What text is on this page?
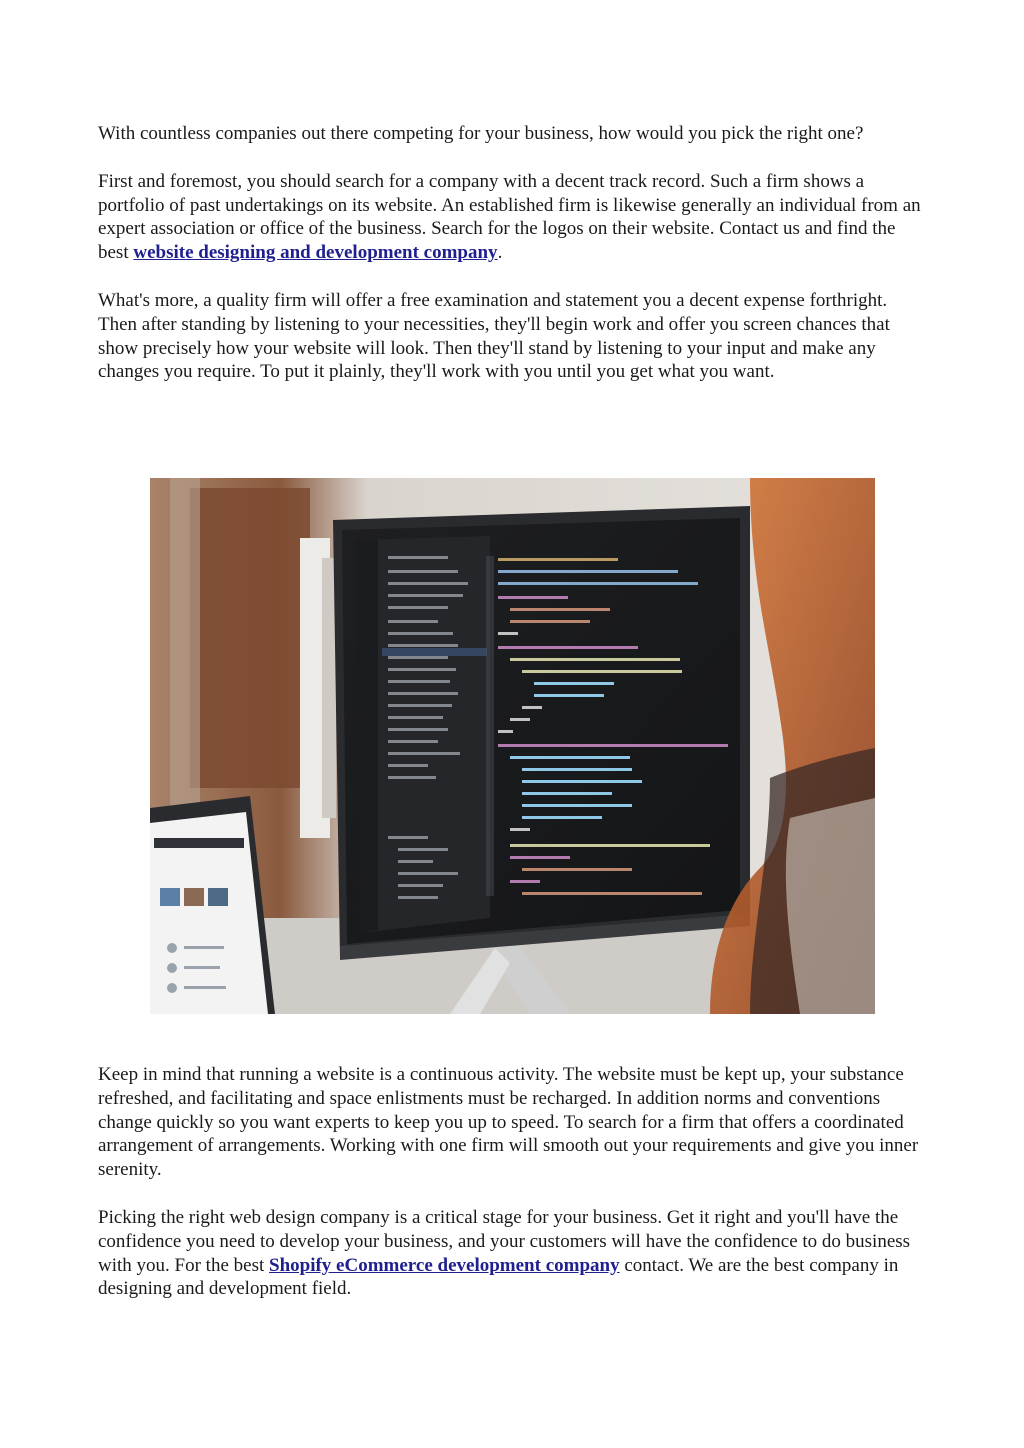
With countless companies out there competing for your business, how would you pick the right one?

First and foremost, you should search for a company with a decent track record. Such a firm shows a portfolio of past undertakings on its website. An established firm is likewise generally an individual from an expert association or office of the business. Search for the logos on their website. Contact us and find the best website designing and development company.

What's more, a quality firm will offer a free examination and statement you a decent expense forthright. Then after standing by listening to your necessities, they'll begin work and offer you screen chances that show precisely how your website will look. Then they'll stand by listening to your input and make any changes you require. To put it plainly, they'll work with you until you get what you want.

Keep in mind that running a website is a continuous activity. The website must be kept up, your substance refreshed, and facilitating and space enlistments must be recharged. In addition norms and conventions change quickly so you want experts to keep you up to speed. To search for a firm that offers a coordinated arrangement of arrangements. Working with one firm will smooth out your requirements and give you inner serenity.

Picking the right web design company is a critical stage for your business. Get it right and you'll have the confidence you need to develop your business, and your customers will have the confidence to do business with you. For the best Shopify eCommerce development company contact. We are the best company in designing and development field.
